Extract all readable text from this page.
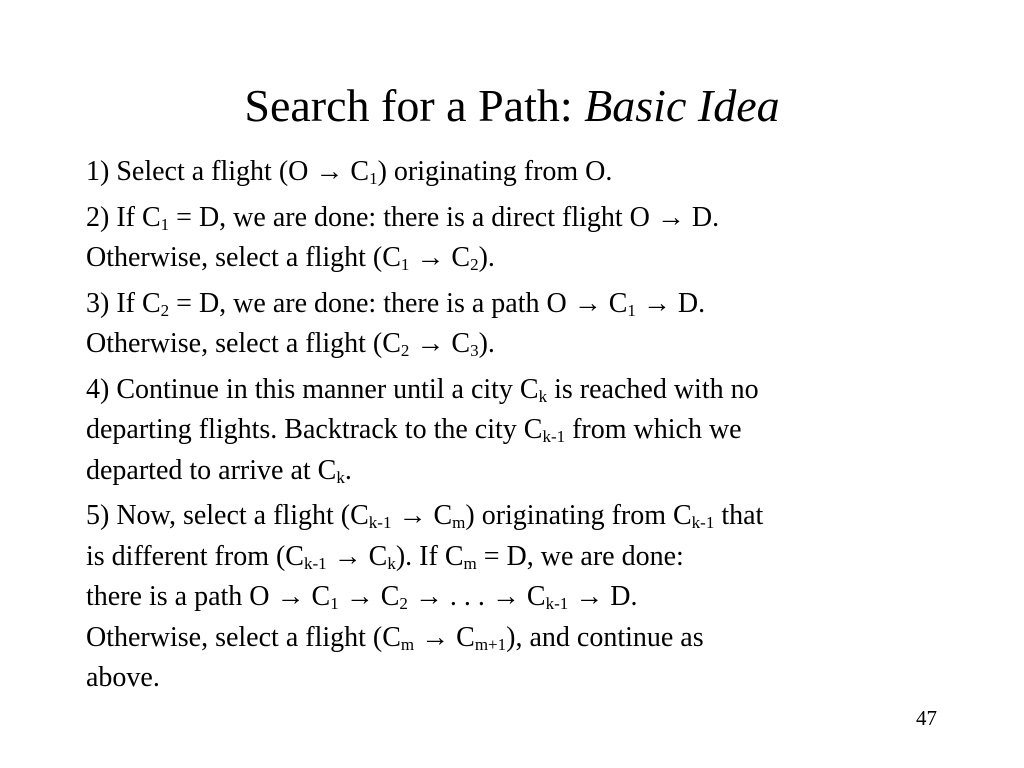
Search for a Path: Basic Idea
1) Select a flight $(O \to C_1)$ originating from O.
2) If $C_1 = D$, we are done: there is a direct flight O → D.
Otherwise, select a flight $(C_1 \to C_2)$.
3) If $C_2 = D$, we are done: there is a path $O \to C_1 \to D$.
Otherwise, select a flight $(C_2 \to C_3)$.
4) Continue in this manner until a city $C_k$ is reached with no
departing flights. Backtrack to the city $C_{k-1}$ from which we
departed to arrive at $C_k$.
5) Now, select a flight $(C_{k-1} \to C_m)$ originating from $C_{k-1}$ that
is different from $(C_{k-1} \to C_k)$. If $C_m = D$, we are done:
there is a path $O \to C_1 \to C_2$ → . . . → $C_{k-1} \to D$.
Otherwise, select a flight $(C_m \to C_{m+1})$, and continue as
above.
47
